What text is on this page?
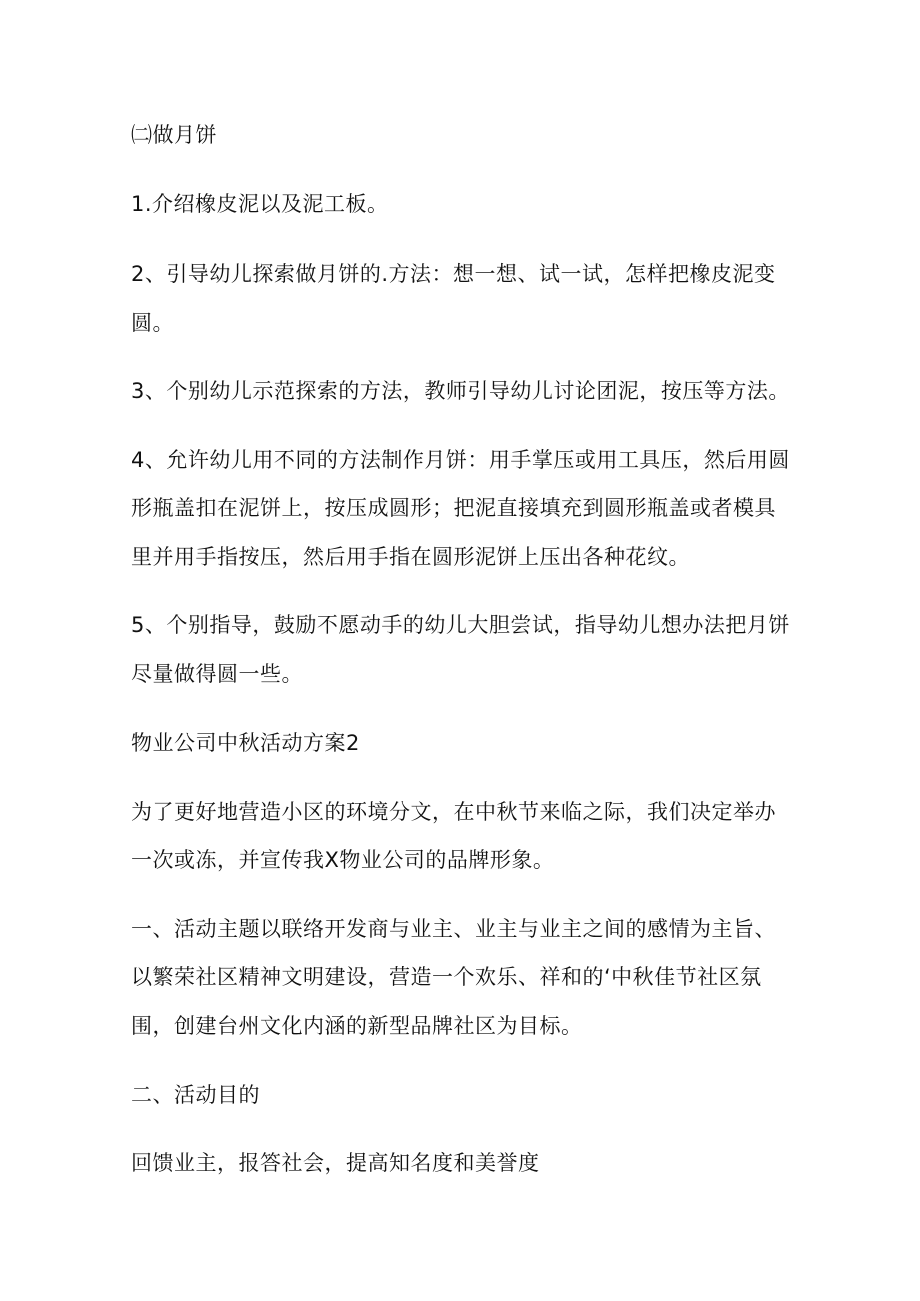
㈡做月饼
1.介绍橡皮泥以及泥工板。
2、引导幼儿探索做月饼的.方法：想一想、试一试，怎样把橡皮泥变
圆。
3、个别幼儿示范探索的方法，教师引导幼儿讨论团泥，按压等方法。
4、允许幼儿用不同的方法制作月饼：用手掌压或用工具压，然后用圆
形瓶盖扣在泥饼上，按压成圆形；把泥直接填充到圆形瓶盖或者模具
里并用手指按压，然后用手指在圆形泥饼上压出各种花纹。
5、个别指导，鼓励不愿动手的幼儿大胆尝试，指导幼儿想办法把月饼
尽量做得圆一些。
物业公司中秋活动方案2
为了更好地营造小区的环境分文，在中秋节来临之际，我们决定举办
一次或冻，并宣传我X物业公司的品牌形象。
一、活动主题以联络开发商与业主、业主与业主之间的感情为主旨、
以繁荣社区精神文明建设，营造一个欢乐、祥和的‘中秋佳节社区氛
围，创建台州文化内涵的新型品牌社区为目标。
二、活动目的
回馈业主，报答社会，提高知名度和美誉度
